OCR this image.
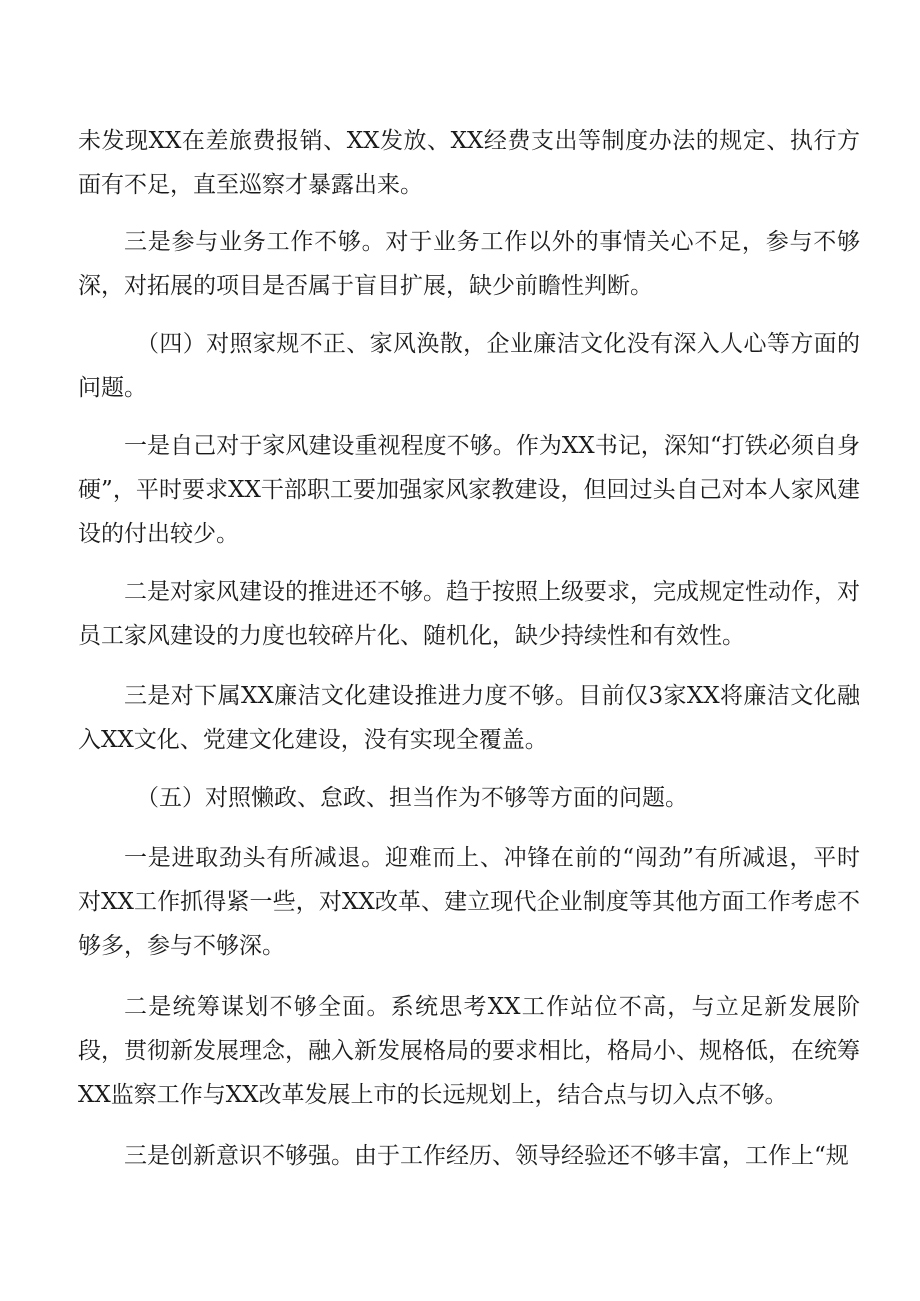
未发现XX在差旅费报销、XX发放、XX经费支出等制度办法的规定、执行方面有不足，直至巡察才暴露出来。

三是参与业务工作不够。对于业务工作以外的事情关心不足，参与不够深，对拓展的项目是否属于盲目扩展，缺少前瞻性判断。

（四）对照家规不正、家风涣散，企业廉洁文化没有深入人心等方面的问题。

一是自己对于家风建设重视程度不够。作为XX书记，深知“打铁必须自身硬”，平时要求XX干部职工要加强家风家教建设，但回过头自己对本人家风建设的付出较少。

二是对家风建设的推进还不够。趋于按照上级要求，完成规定性动作，对员工家风建设的力度也较碎片化、随机化，缺少持续性和有效性。

三是对下属XX廉洁文化建设推进力度不够。目前仅3家XX将廉洁文化融入XX文化、党建文化建设，没有实现全覆盖。

（五）对照懒政、怠政、担当作为不够等方面的问题。

一是进取劲头有所减退。迎难而上、冲锋在前的“闯劲”有所减退，平时对XX工作抓得紧一些，对XX改革、建立现代企业制度等其他方面工作考虑不够多，参与不够深。

二是统筹谋划不够全面。系统思考XX工作站位不高，与立足新发展阶段，贯彻新发展理念，融入新发展格局的要求相比，格局小、规格低，在统筹XX监察工作与XX改革发展上市的长远规划上，结合点与切入点不够。

三是创新意识不够强。由于工作经历、领导经验还不够丰富，工作上“规
